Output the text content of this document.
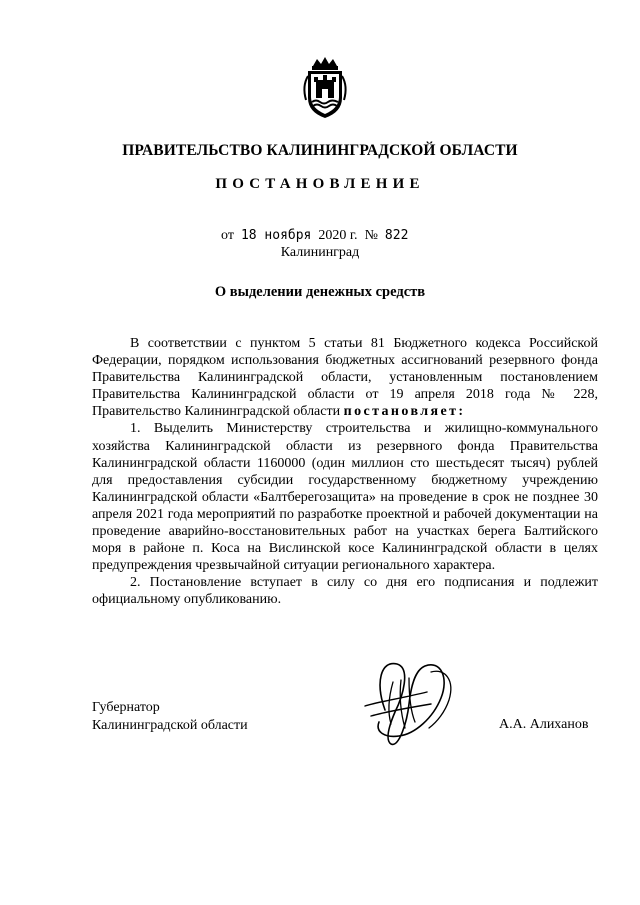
ПРАВИТЕЛЬСТВО КАЛИНИНГРАДСКОЙ ОБЛАСТИ
ПОСТАНОВЛЕНИЕ
от 18 ноября 2020 г. № 822
Калининград
О выделении денежных средств

В соответствии с пунктом 5 статьи 81 Бюджетного кодекса Российской Федерации, порядком использования бюджетных ассигнований резервного фонда Правительства Калининградской области, установленным постановлением Правительства Калининградской области от 19 апреля 2018 года № 228, Правительство Калининградской области постановляет:

1. Выделить Министерству строительства и жилищно-коммунального хозяйства Калининградской области из резервного фонда Правительства Калининградской области 1160000 (один миллион сто шестьдесят тысяч) рублей для предоставления субсидии государственному бюджетному учреждению Калининградской области «Балтберегозащита» на проведение в срок не позднее 30 апреля 2021 года мероприятий по разработке проектной и рабочей документации на проведение аварийно-восстановительных работ на участках берега Балтийского моря в районе п. Коса на Вислинской косе Калининградской области в целях предупреждения чрезвычайной ситуации регионального характера.

2. Постановление вступает в силу со дня его подписания и подлежит официальному опубликованию.

Губернатор
Калининградской области	А.А. Алиханов
